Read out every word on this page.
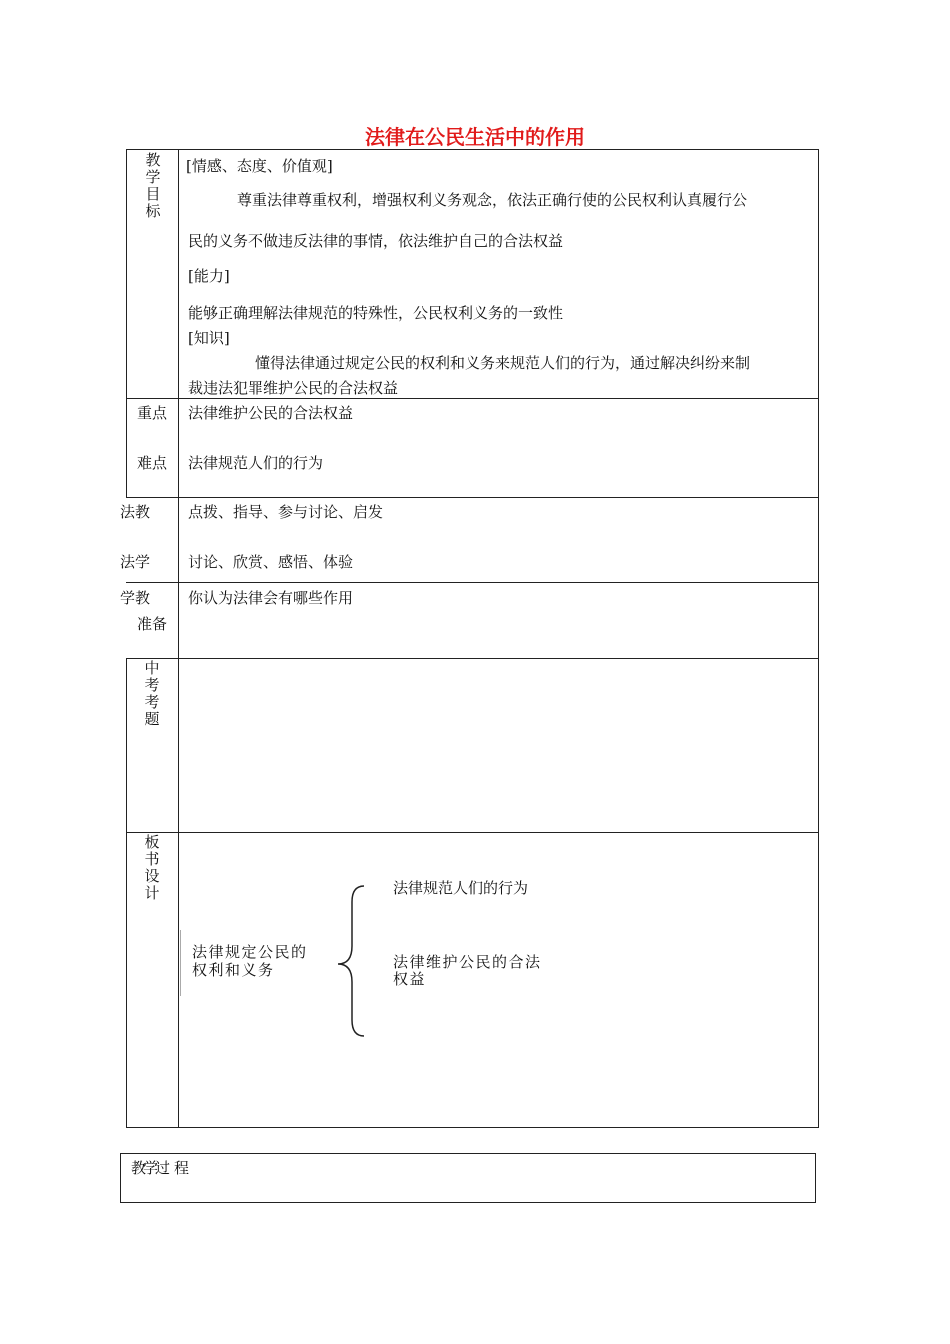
法律在公民生活中的作用
教学目标
[情感、态度、价值观]
尊重法律尊重权利，增强权利义务观念，依法正确行使的公民权利认真履行公
民的义务不做违反法律的事情，依法维护自己的合法权益
[能力]
能够正确理解法律规范的特殊性，公民权利义务的一致性
[知识]
懂得法律通过规定公民的权利和义务来规范人们的行为，通过解决纠纷来制
裁违法犯罪维护公民的合法权益
重点 法律维护公民的合法权益
难点 法律规范人们的行为
法教	点拨、指导、参与讨论、启发
法学	讨论、欣赏、感悟、体验
学教
准备
你认为法律会有哪些作用
中考考题
板书设计
法律规定公民的
权利和义务
法律规范人们的行为
法律维护公民的合法
权益
教学过 程
